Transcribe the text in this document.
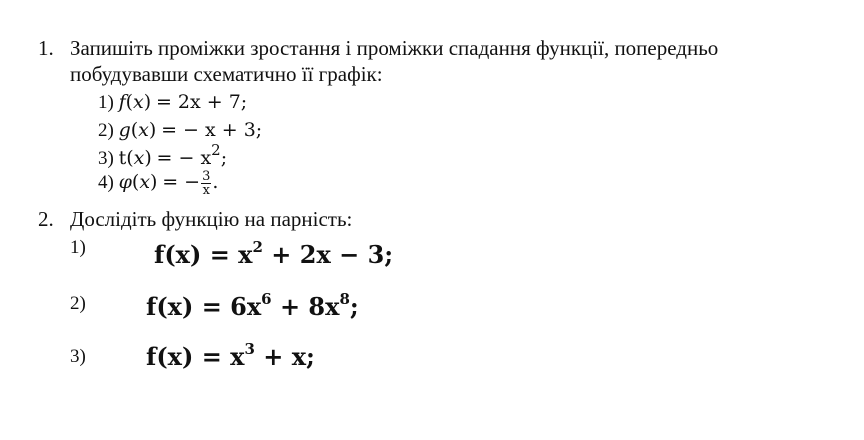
1. Запишіть проміжки зростання і проміжки спадання функції, попередньо
побудувавши схематично її графік:
1) f(x) = 2x + 7;
2) g(x) = − x + 3;
3) t(x) = − $x^2$;
4) φ(x) = − $\frac{3}{x}$ .
2. Дослідіть функцію на парність:
1)	$f(x) = x^2 + 2x - 3$;
2)	$f(x) = 6x^6 + 8x^8$;
3)	$f(x) = x^3 + x$;
